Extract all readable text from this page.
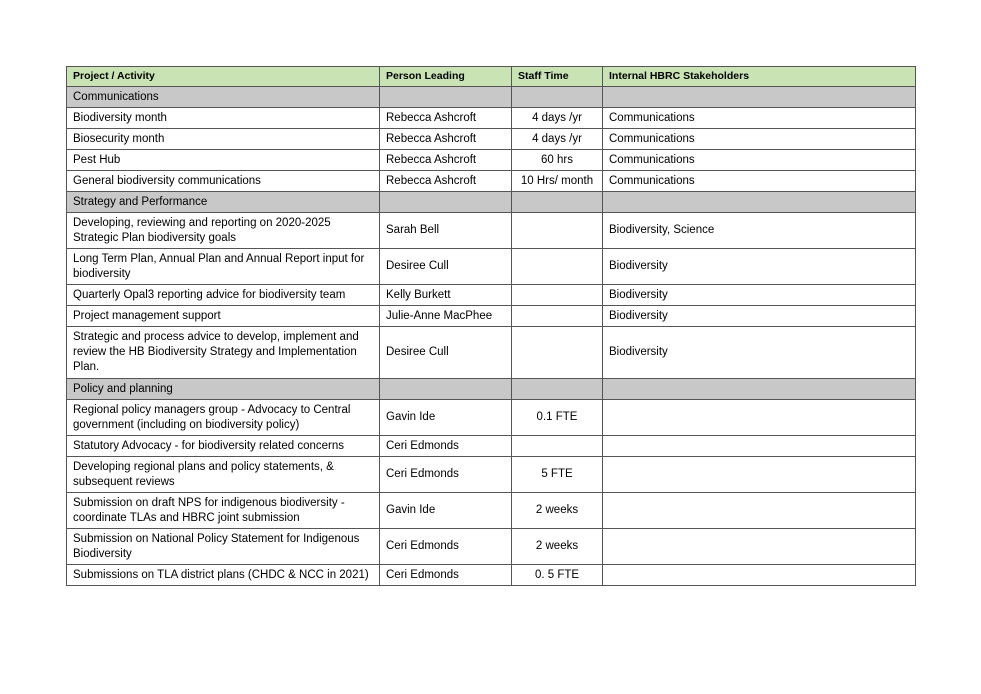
Project / Activity	Person Leading	Staff Time	Internal HBRC Stakeholders
Communications			
Biodiversity month	Rebecca Ashcroft	4 days /yr	Communications
Biosecurity month	Rebecca Ashcroft	4 days /yr	Communications
Pest Hub	Rebecca Ashcroft	60 hrs	Communications
General biodiversity communications	Rebecca Ashcroft	10 Hrs/ month	Communications
Strategy and Performance			
Developing, reviewing and reporting on 2020-2025 Strategic Plan biodiversity goals	Sarah Bell		Biodiversity, Science
Long Term Plan, Annual Plan and Annual Report input for biodiversity	Desiree Cull		Biodiversity
Quarterly Opal3 reporting advice for biodiversity team	Kelly Burkett		Biodiversity
Project management support	Julie-Anne MacPhee		Biodiversity
Strategic and process advice to develop, implement and review the HB Biodiversity Strategy and Implementation Plan.	Desiree Cull		Biodiversity
Policy and planning			
Regional policy managers group - Advocacy to Central government (including on biodiversity policy)	Gavin Ide	0.1 FTE	
Statutory Advocacy - for biodiversity related concerns	Ceri Edmonds		
Developing regional plans and policy statements, & subsequent reviews	Ceri Edmonds	5 FTE	
Submission on draft NPS for indigenous biodiversity - coordinate TLAs and HBRC joint submission	Gavin Ide	2 weeks	
Submission on National Policy Statement for Indigenous Biodiversity	Ceri Edmonds	2 weeks	
Submissions on TLA district plans (CHDC & NCC in 2021)	Ceri Edmonds	0. 5 FTE	
